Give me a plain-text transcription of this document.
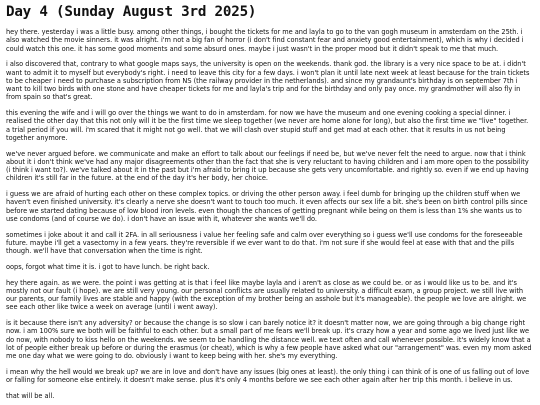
Day 4 (Sunday August 3rd 2025)

hey there. yesterday i was a little busy. among other things, i bought the tickets for me and layla to go to the van gogh museum in amsterdam on the 25th. i also watched the movie sinners. it was alright. i'm not a big fan of horror (i don't find constant fear and anxiety good entertainment), which is why i decided i could watch this one. it has some good moments and some absurd ones. maybe i just wasn't in the proper mood but it didn't speak to me that much.

i also discovered that, contrary to what google maps says, the university is open on the weekends. thank god. the library is a very nice space to be at. i didn't want to admit it to myself but everybody's right. i need to leave this city for a few days. i won't plan it until late next week at least because for the train tickets to be cheaper i need to purchase a subscription from NS (the railway provider in the netherlands). and since my grandaunt's birthday is on september 7th i want to kill two birds with one stone and have cheaper tickets for me and layla's trip and for the birthday and only pay once. my grandmother will also fly in from spain so that's great.

this evening the wife and i will go over the things we want to do in amsterdam. for now we have the museum and one evening cooking a special dinner. i realised the other day that this not only will it be the first time we sleep together (we never are home alone for long), but also the first time we "live" together. a trial period if you will. i'm scared that it might not go well. that we will clash over stupid stuff and get mad at each other. that it results in us not being together anymore.

we've never argued before. we communicate and make an effort to talk about our feelings if need be, but we've never felt the need to argue. now that i think about it i don't think we've had any major disagreements other than the fact that she is very reluctant to having children and i am more open to the possibility (i think i want to?). we've talked about it in the past but i'm afraid to bring it up because she gets very uncomfortable. and rightly so. even if we end up having children it's still far in the future. at the end of the day it's her body, her choice.

i guess we are afraid of hurting each other on these complex topics. or driving the other person away. i feel dumb for bringing up the children stuff when we haven't even finished university. it's clearly a nerve she doesn't want to touch too much. it even affects our sex life a bit. she's been on birth control pills since before we started dating because of low blood iron levels. even though the chances of getting pregnant while being on them is less than 1% she wants us to use condoms (and of course we do). i don't have an issue with it, whatever she wants we'll do.

sometimes i joke about it and call it 2FA. in all seriousness i value her feeling safe and calm over everything so i guess we'll use condoms for the foreseeable future. maybe i'll get a vasectomy in a few years. they're reversible if we ever want to do that. i'm not sure if she would feel at ease with that and the pills though. we'll have that conversation when the time is right.

oops, forgot what time it is. i got to have lunch. be right back.

hey there again. as we were. the point i was getting at is that i feel like maybe layla and i aren't as close as we could be. or as i would like us to be. and it's mostly not our fault (i hope). we are still very young. our personal conflicts are usually related to university. a difficult exam, a group project. we still live with our parents, our family lives are stable and happy (with the exception of my brother being an asshole but it's manageable). the people we love are alright. we see each other like twice a week on average (until i went away).

is it because there isn't any adversity? or because the change is so slow i can barely notice it? it doesn't matter now, we are going through a big change right now. i am 100% sure we both will be faithful to each other. but a small part of me fears we'll break up. it's crazy how a year and some ago we lived just like we do now, with nobody to kiss hello on the weekends. we seem to be handling the distance well. we text often and call whenever possible. it's widely know that a lot of people either break up before or during the erasmus (or cheat), which is why a few people have asked what our "arrangement" was. even my mom asked me one day what we were going to do. obviously i want to keep being with her. she's my everything.

i mean why the hell would we break up? we are in love and don't have any issues (big ones at least). the only thing i can think of is one of us falling out of love or falling for someone else entirely. it doesn't make sense. plus it's only 4 months before we see each other again after her trip this month. i believe in us.

that will be all.
